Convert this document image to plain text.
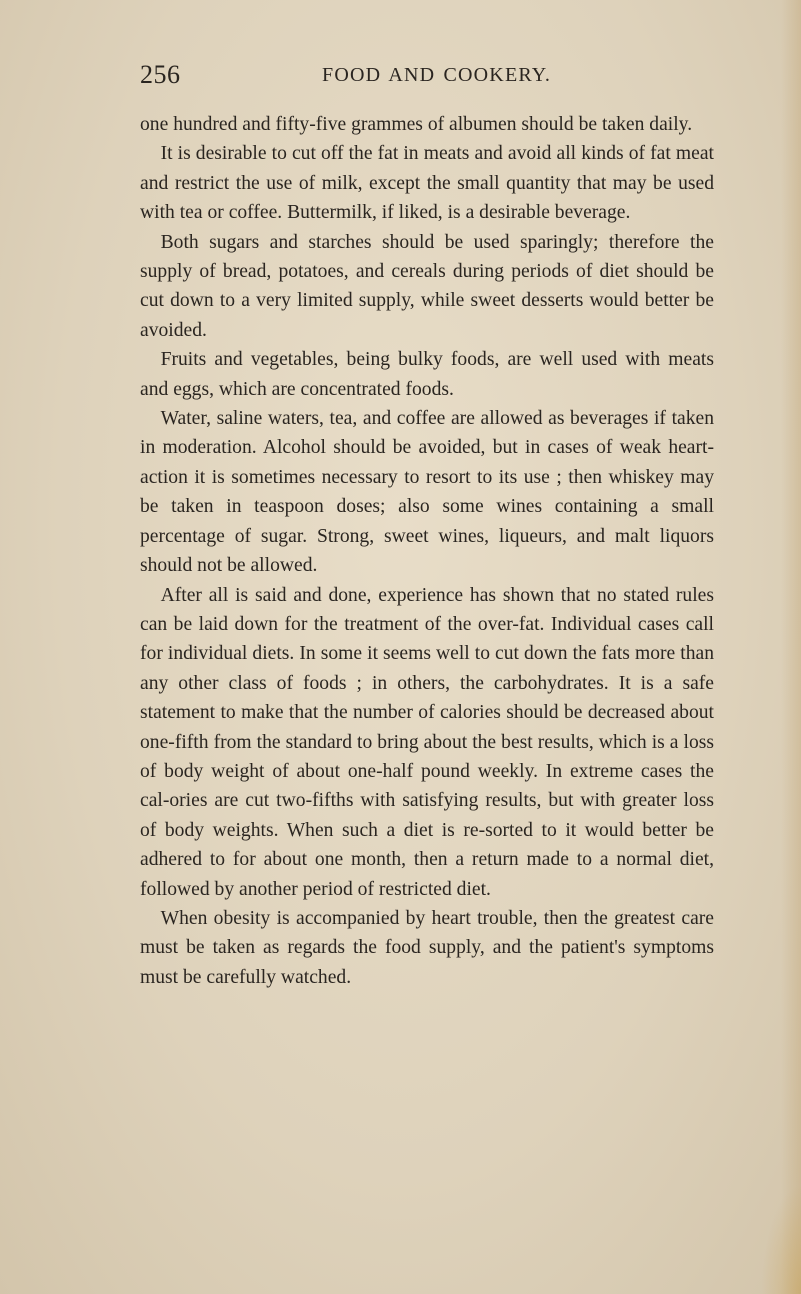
256	FOOD AND COOKERY.

one hundred and fifty-five grammes of albumen should be taken daily.

It is desirable to cut off the fat in meats and avoid all kinds of fat meat and restrict the use of milk, except the small quantity that may be used with tea or coffee. Buttermilk, if liked, is a desirable beverage.

Both sugars and starches should be used sparingly; therefore the supply of bread, potatoes, and cereals during periods of diet should be cut down to a very limited supply, while sweet desserts would better be avoided.

Fruits and vegetables, being bulky foods, are well used with meats and eggs, which are concentrated foods.

Water, saline waters, tea, and coffee are allowed as beverages if taken in moderation. Alcohol should be avoided, but in cases of weak heart-action it is sometimes necessary to resort to its use ; then whiskey may be taken in teaspoon doses; also some wines containing a small percentage of sugar. Strong, sweet wines, liqueurs, and malt liquors should not be allowed.

After all is said and done, experience has shown that no stated rules can be laid down for the treatment of the over-fat. Individual cases call for individual diets. In some it seems well to cut down the fats more than any other class of foods ; in others, the carbohydrates. It is a safe statement to make that the number of calories should be decreased about one-fifth from the standard to bring about the best results, which is a loss of body weight of about one-half pound weekly. In extreme cases the cal-ories are cut two-fifths with satisfying results, but with greater loss of body weights. When such a diet is re-sorted to it would better be adhered to for about one month, then a return made to a normal diet, followed by another period of restricted diet.

When obesity is accompanied by heart trouble, then the greatest care must be taken as regards the food supply, and the patient's symptoms must be carefully watched.
